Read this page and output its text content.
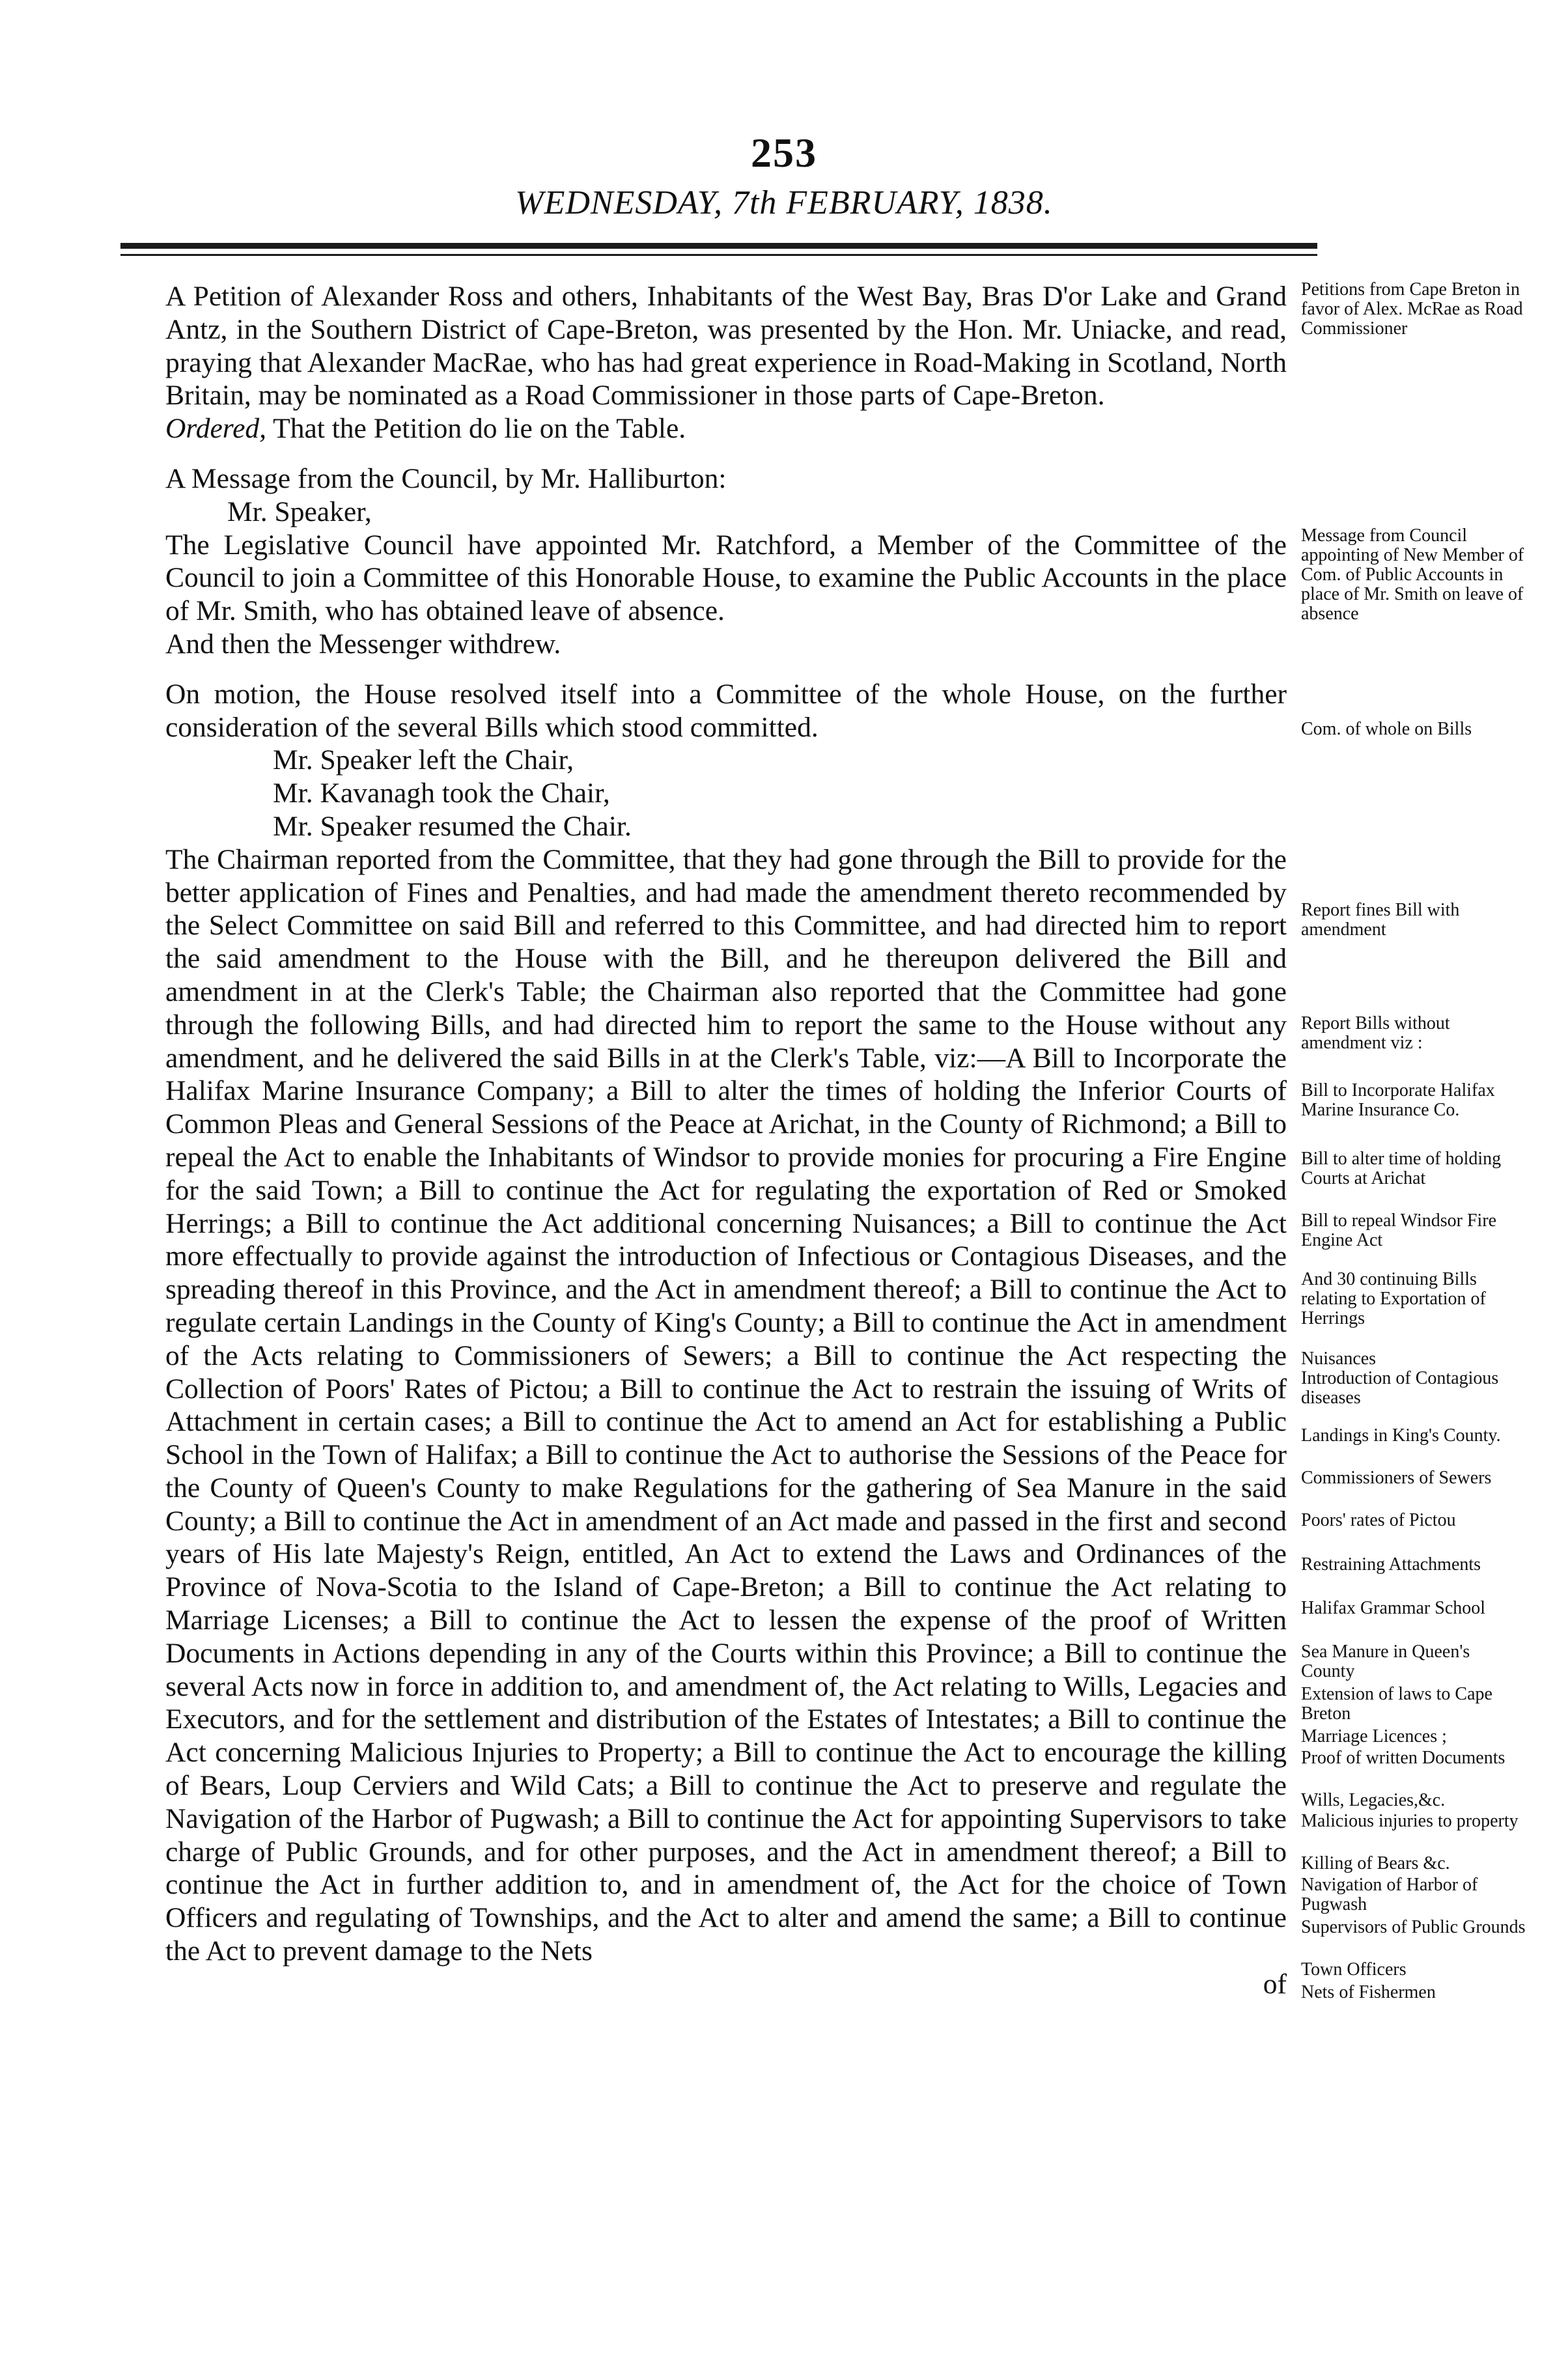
253
WEDNESDAY, 7th FEBRUARY, 1838.

A Petition of Alexander Ross and others, Inhabitants of the West Bay, Bras D'or Lake and Grand Antz, in the Southern District of Cape-Breton, was presented by the Hon. Mr. Uniacke, and read, praying that Alexander MacRae, who has had great experience in Road-Making in Scotland, North Britain, may be nominated as a Road Commissioner in those parts of Cape-Breton.

Ordered, That the Petition do lie on the Table.

A Message from the Council, by Mr. Halliburton:

Mr. Speaker,

The Legislative Council have appointed Mr. Ratchford, a Member of the Committee of the Council to join a Committee of this Honorable House, to examine the Public Accounts in the place of Mr. Smith, who has obtained leave of absence.

And then the Messenger withdrew.

On motion, the House resolved itself into a Committee of the whole House, on the further consideration of the several Bills which stood committed.

Mr. Speaker left the Chair,

Mr. Kavanagh took the Chair,

Mr. Speaker resumed the Chair.

The Chairman reported from the Committee, that they had gone through the Bill to provide for the better application of Fines and Penalties, and had made the amendment thereto recommended by the Select Committee on said Bill and referred to this Committee, and had directed him to report the said amendment to the House with the Bill, and he thereupon delivered the Bill and amendment in at the Clerk's Table; the Chairman also reported that the Committee had gone through the following Bills, and had directed him to report the same to the House without any amendment, and he delivered the said Bills in at the Clerk's Table, viz:—A Bill to Incorporate the Halifax Marine Insurance Company; a Bill to alter the times of holding the Inferior Courts of Common Pleas and General Sessions of the Peace at Arichat, in the County of Richmond; a Bill to repeal the Act to enable the Inhabitants of Windsor to provide monies for procuring a Fire Engine for the said Town; a Bill to continue the Act for regulating the exportation of Red or Smoked Herrings; a Bill to continue the Act additional concerning Nuisances; a Bill to continue the Act more effectually to provide against the introduction of Infectious or Contagious Diseases, and the spreading thereof in this Province, and the Act in amendment thereof; a Bill to continue the Act to regulate certain Landings in the County of King's County; a Bill to continue the Act in amendment of the Acts relating to Commissioners of Sewers; a Bill to continue the Act respecting the Collection of Poors' Rates of Pictou; a Bill to continue the Act to restrain the issuing of Writs of Attachment in certain cases; a Bill to continue the Act to amend an Act for establishing a Public School in the Town of Halifax; a Bill to continue the Act to authorise the Sessions of the Peace for the County of Queen's County to make Regulations for the gathering of Sea Manure in the said County; a Bill to continue the Act in amendment of an Act made and passed in the first and second years of His late Majesty's Reign, entitled, An Act to extend the Laws and Ordinances of the Province of Nova-Scotia to the Island of Cape-Breton; a Bill to continue the Act relating to Marriage Licenses; a Bill to continue the Act to lessen the expense of the proof of Written Documents in Actions depending in any of the Courts within this Province; a Bill to continue the several Acts now in force in addition to, and amendment of, the Act relating to Wills, Legacies and Executors, and for the settlement and distribution of the Estates of Intestates; a Bill to continue the Act concerning Malicious Injuries to Property; a Bill to continue the Act to encourage the killing of Bears, Loup Cerviers and Wild Cats; a Bill to continue the Act to preserve and regulate the Navigation of the Harbor of Pugwash; a Bill to continue the Act for appointing Supervisors to take charge of Public Grounds, and for other purposes, and the Act in amendment thereof; a Bill to continue the Act in further addition to, and in amendment of, the Act for the choice of Town Officers and regulating of Townships, and the Act to alter and amend the same; a Bill to continue the Act to prevent damage to the Nets

of

Petitions from Cape Breton in favor of Alex. McRae as Road Commissioner
Message from Council appointing of New Member of Com. of Public Accounts in place of Mr. Smith on leave of absence
Com. of whole on Bills
Report fines Bill with amendment
Report Bills without amendment viz :
Bill to Incorporate Halifax Marine Insurance Co.
Bill to alter time of holding Courts at Arichat
Bill to repeal Windsor Fire Engine Act
And 30 continuing Bills relating to Exportation of Herrings
Nuisances
Introduction of Contagious diseases
Landings in King's County.
Commissioners of Sewers
Poors' rates of Pictou
Restraining Attachments
Halifax Grammar School
Sea Manure in Queen's County
Extension of laws to Cape Breton
Marriage Licences ;
Proof of written Documents
Wills, Legacies,&c.
Malicious injuries to property
Killing of Bears &c.
Navigation of Harbor of Pugwash
Supervisors of Public Grounds
Town Officers
Nets of Fishermen
